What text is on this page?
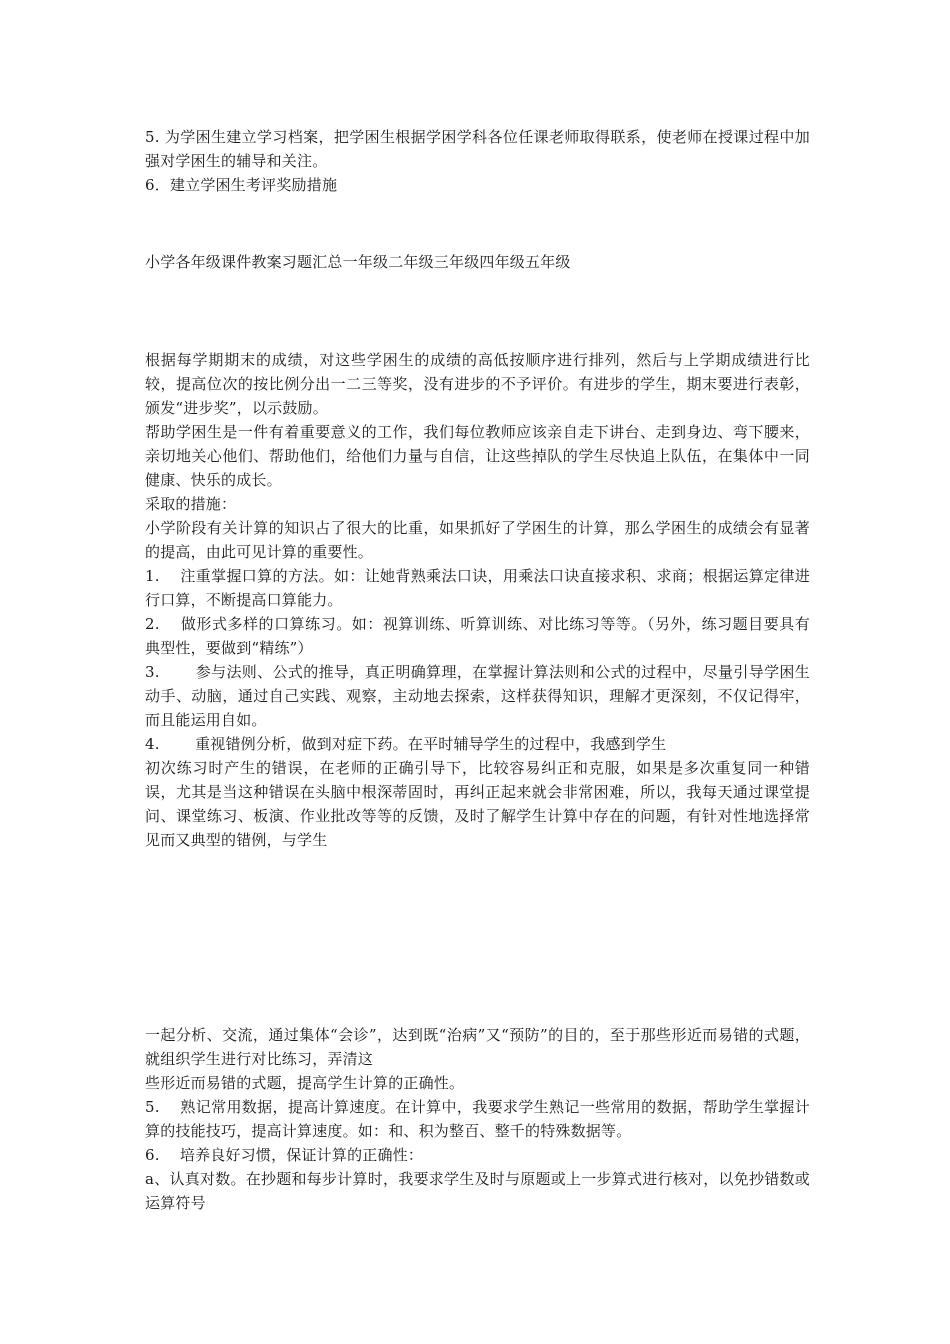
5. 为学困生建立学习档案，把学困生根据学困学科各位任课老师取得联系，使老师在授课过程中加强对学困生的辅导和关注。

6．建立学困生考评奖励措施

小学各年级课件教案习题汇总一年级二年级三年级四年级五年级

根据每学期期末的成绩，对这些学困生的成绩的高低按顺序进行排列，然后与上学期成绩进行比较，提高位次的按比例分出一二三等奖，没有进步的不予评价。有进步的学生，期末要进行表彰，颁发“进步奖”，以示鼓励。

帮助学困生是一件有着重要意义的工作，我们每位教师应该亲自走下讲台、走到身边、弯下腰来，亲切地关心他们、帮助他们，给他们力量与自信，让这些掉队的学生尽快追上队伍，在集体中一同健康、快乐的成长。

采取的措施：

小学阶段有关计算的知识占了很大的比重，如果抓好了学困生的计算，那么学困生的成绩会有显著的提高，由此可见计算的重要性。

1.　 注重掌握口算的方法。如：让她背熟乘法口诀，用乘法口诀直接求积、求商；根据运算定律进行口算，不断提高口算能力。

2.　 做形式多样的口算练习。如：视算训练、听算训练、对比练习等等。（另外，练习题目要具有典型性，要做到“精练”）

3.　　 参与法则、公式的推导，真正明确算理，在掌握计算法则和公式的过程中，尽量引导学困生动手、动脑，通过自己实践、观察，主动地去探索，这样获得知识，理解才更深刻，不仅记得牢，而且能运用自如。

4.　　 重视错例分析，做到对症下药。在平时辅导学生的过程中，我感到学生

初次练习时产生的错误，在老师的正确引导下，比较容易纠正和克服，如果是多次重复同一种错误，尤其是当这种错误在头脑中根深蒂固时，再纠正起来就会非常困难，所以，我每天通过课堂提问、课堂练习、板演、作业批改等等的反馈，及时了解学生计算中存在的问题，有针对性地选择常见而又典型的错例，与学生

一起分析、交流，通过集体“会诊”，达到既“治病”又“预防”的目的，至于那些形近而易错的式题，就组织学生进行对比练习，弄清这

些形近而易错的式题，提高学生计算的正确性。

5.　 熟记常用数据，提高计算速度。在计算中，我要求学生熟记一些常用的数据，帮助学生掌握计算的技能技巧，提高计算速度。如：和、积为整百、整千的特殊数据等。

6.　 培养良好习惯，保证计算的正确性：

a、认真对数。在抄题和每步计算时，我要求学生及时与原题或上一步算式进行核对，以免抄错数或运算符号
